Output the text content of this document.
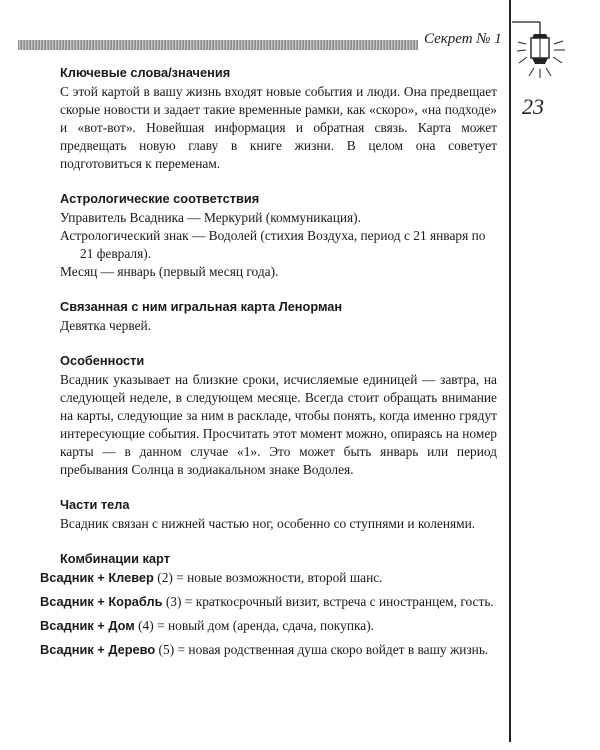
Секрет № 1
23
Ключевые слова/значения

С этой картой в вашу жизнь входят новые события и люди. Она предвещает скорые новости и задает такие временные рамки, как «скоро», «на подходе» и «вот-вот». Новейшая информация и обратная связь. Карта может предвещать новую главу в книге жизни. В целом она советует подготовиться к переменам.

Астрологические соответствия

Управитель Всадника — Меркурий (коммуникация).

Астрологический знак — Водолей (стихия Воздуха, период с 21 января по 21 февраля).

Месяц — январь (первый месяц года).

Связанная с ним игральная карта Ленорман

Девятка червей.

Особенности

Всадник указывает на близкие сроки, исчисляемые единицей — завтра, на следующей неделе, в следующем месяце. Всегда стоит обращать внимание на карты, следующие за ним в раскладе, чтобы понять, когда именно грядут интересующие события. Просчитать этот момент можно, опираясь на номер карты — в данном случае «1». Это может быть январь или период пребывания Солнца в зодиакальном знаке Водолея.

Части тела

Всадник связан с нижней частью ног, особенно со ступнями и коленями.

Комбинации карт

Всадник + Клевер (2) = новые возможности, второй шанс.

Всадник + Корабль (3) = краткосрочный визит, встреча с иностранцем, гость.

Всадник + Дом (4) = новый дом (аренда, сдача, покупка).

Всадник + Дерево (5) = новая родственная душа скоро войдет в вашу жизнь.
